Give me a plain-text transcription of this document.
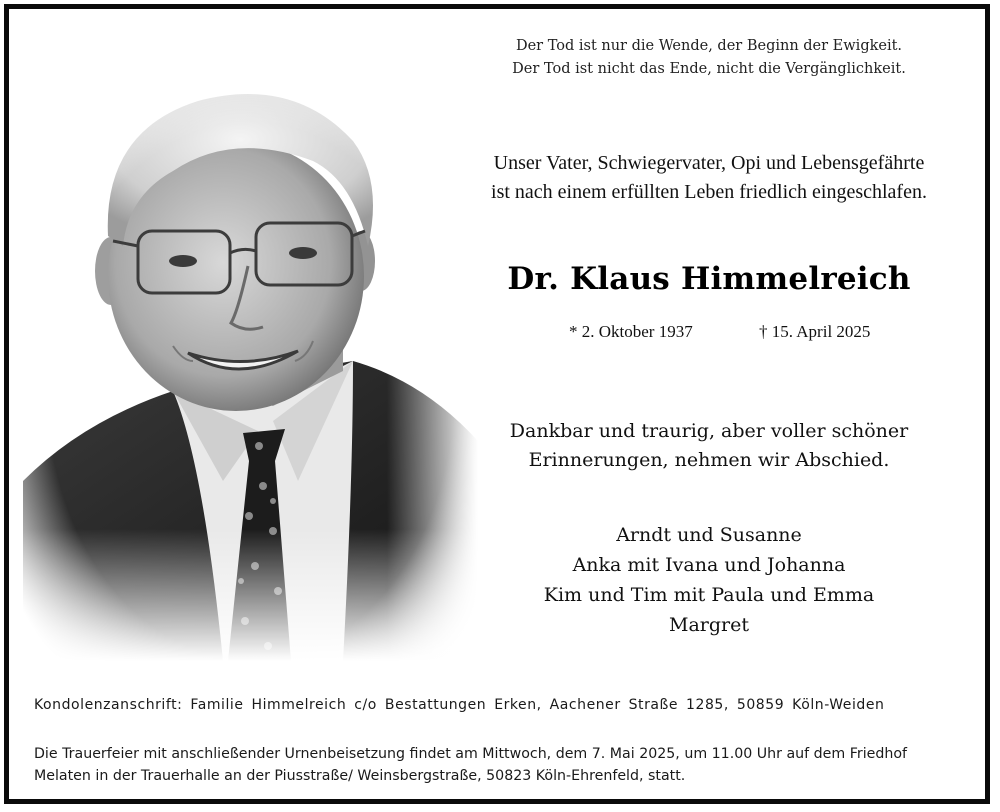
Der Tod ist nur die Wende, der Beginn der Ewigkeit.
Der Tod ist nicht das Ende, nicht die Vergänglichkeit.
Unser Vater, Schwiegervater, Opi und Lebensgefährte
ist nach einem erfüllten Leben friedlich eingeschlafen.
Dr. Klaus Himmelreich
* 2. Oktober 1937	† 15. April 2025
Dankbar und traurig, aber voller schöner
Erinnerungen, nehmen wir Abschied.
Arndt und Susanne
Anka mit Ivana und Johanna
Kim und Tim mit Paula und Emma
Margret
Kondolenzanschrift: Familie Himmelreich c/o Bestattungen Erken, Aachener Straße 1285, 50859 Köln-Weiden
Die Trauerfeier mit anschließender Urnenbeisetzung findet am Mittwoch, dem 7. Mai 2025, um 11.00 Uhr auf dem Friedhof
Melaten in der Trauerhalle an der Piusstraße/ Weinsbergstraße, 50823 Köln-Ehrenfeld, statt.
